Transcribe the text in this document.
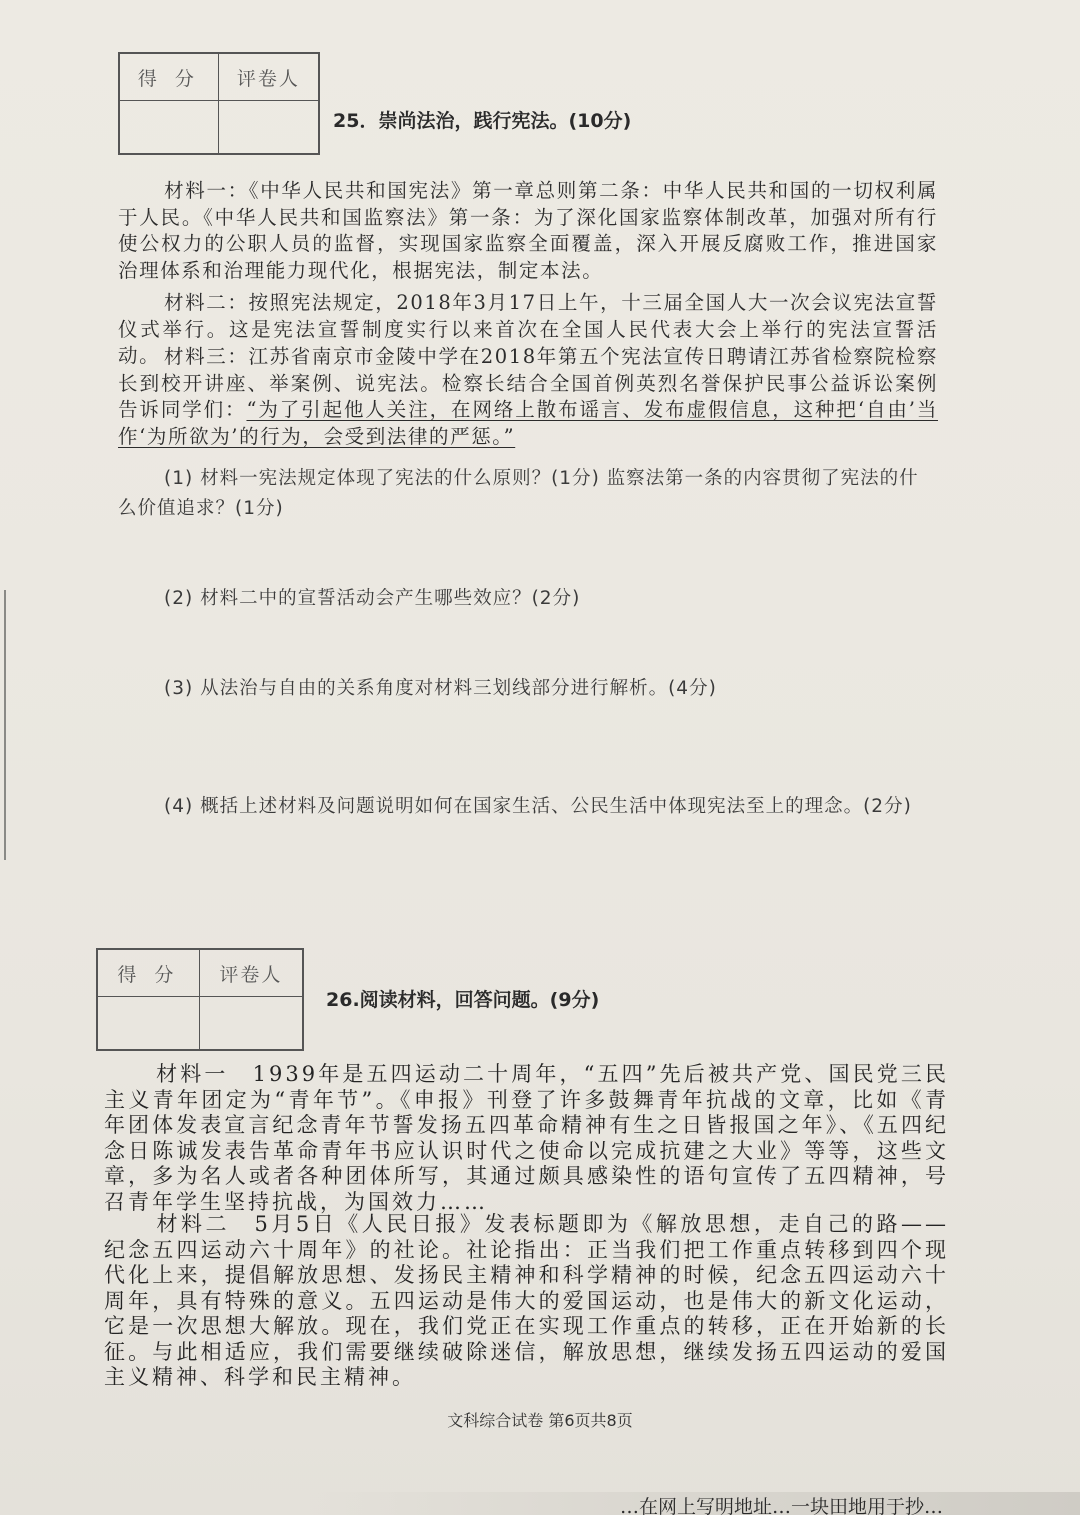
得 分	评卷人

25．崇尚法治，践行宪法。(10分)
材料一：《中华人民共和国宪法》第一章总则第二条：中华人民共和国的一切权利属于人民。《中华人民共和国监察法》第一条：为了深化国家监察体制改革，加强对所有行使公权力的公职人员的监督，实现国家监察全面覆盖，深入开展反腐败工作，推进国家治理体系和治理能力现代化，根据宪法，制定本法。
材料二：按照宪法规定，2018年3月17日上午，十三届全国人大一次会议宪法宣誓仪式举行。这是宪法宣誓制度实行以来首次在全国人民代表大会上举行的宪法宣誓活动。 材料三：江苏省南京市金陵中学在2018年第五个宪法宣传日聘请江苏省检察院检察长到校开讲座、举案例、说宪法。检察长结合全国首例英烈名誉保护民事公益诉讼案例告诉同学们：“为了引起他人关注，在网络上散布谣言、发布虚假信息，这种把‘自由’当作‘为所欲为’的行为，会受到法律的严惩。”
(1) 材料一宪法规定体现了宪法的什么原则？(1分) 监察法第一条的内容贯彻了宪法的什么价值追求？(1分)
(2) 材料二中的宣誓活动会产生哪些效应？(2分)
(3) 从法治与自由的关系角度对材料三划线部分进行解析。(4分)
(4) 概括上述材料及问题说明如何在国家生活、公民生活中体现宪法至上的理念。(2分)
得 分	评卷人

26.阅读材料，回答问题。(9分)
材料一　1939年是五四运动二十周年，“五四”先后被共产党、国民党三民主义青年团定为“青年节”。《申报》刊登了许多鼓舞青年抗战的文章，比如《青年团体发表宣言纪念青年节誓发扬五四革命精神有生之日皆报国之年》、《五四纪念日陈诚发表告革命青年书应认识时代之使命以完成抗建之大业》等等，这些文章，多为名人或者各种团体所写，其通过颇具感染性的语句宣传了五四精神，号召青年学生坚持抗战，为国效力……
材料二　5月5日《人民日报》发表标题即为《解放思想，走自己的路——纪念五四运动六十周年》的社论。社论指出：正当我们把工作重点转移到四个现代化上来，提倡解放思想、发扬民主精神和科学精神的时候，纪念五四运动六十周年，具有特殊的意义。五四运动是伟大的爱国运动，也是伟大的新文化运动，它是一次思想大解放。现在，我们党正在实现工作重点的转移，正在开始新的长征。与此相适应，我们需要继续破除迷信，解放思想，继续发扬五四运动的爱国主义精神、科学和民主精神。
文科综合试卷 第6页共8页
…在网上写明地址…一块田地用于抄…
